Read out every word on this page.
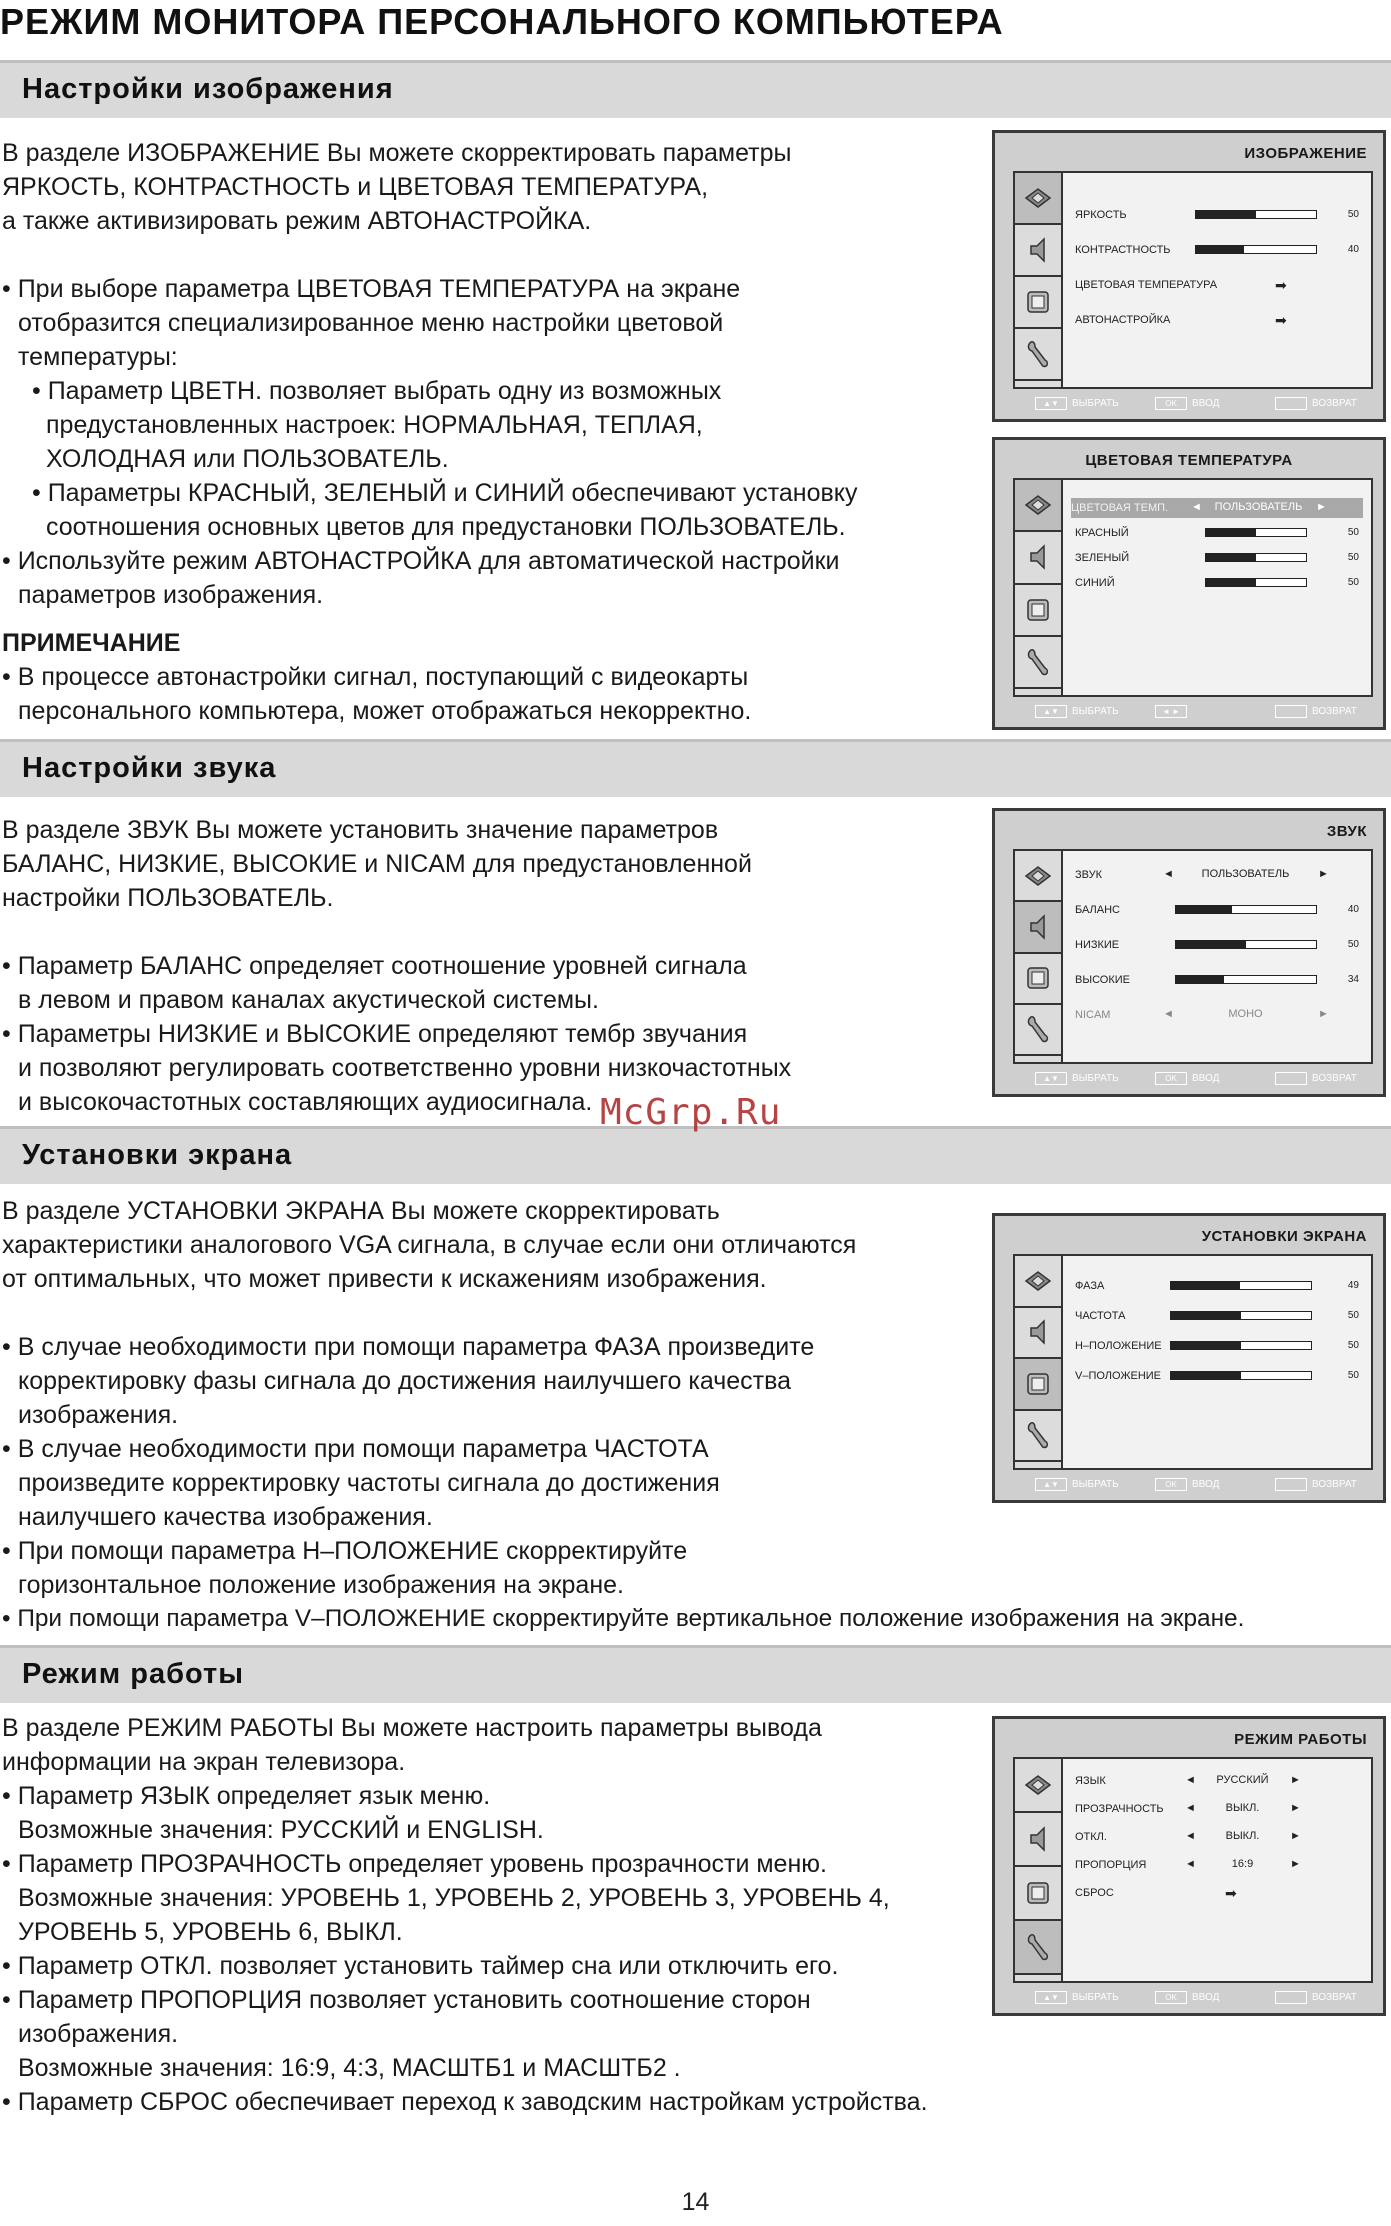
РЕЖИМ МОНИТОРА ПЕРСОНАЛЬНОГО КОМПЬЮТЕРА
Настройки изображения

В разделе ИЗОБРАЖЕНИЕ Вы можете скорректировать параметры

ЯРКОСТЬ, КОНТРАСТНОСТЬ и ЦВЕТОВАЯ ТЕМПЕРАТУРА,

а также активизировать режим АВТОНАСТРОЙКА.

• При выборе параметра ЦВЕТОВАЯ ТЕМПЕРАТУРА на экране

отобразится специализированное меню настройки цветовой

температуры:

• Параметр ЦВЕТН. позволяет выбрать одну из возможных

предустановленных настроек: НОРМАЛЬНАЯ, ТЕПЛАЯ,

ХОЛОДНАЯ или ПОЛЬЗОВАТЕЛЬ.

• Параметры КРАСНЫЙ, ЗЕЛЕНЫЙ и СИНИЙ обеспечивают установку

соотношения основных цветов для предустановки ПОЛЬЗОВАТЕЛЬ.

• Используйте режим АВТОНАСТРОЙКА для автоматической настройки

параметров изображения.

ПРИМЕЧАНИЕ

• В процессе автонастройки сигнал, поступающий с видеокарты

персонального компьютера, может отображаться некорректно.

Настройки звука

В разделе ЗВУК Вы можете установить значение параметров

БАЛАНС, НИЗКИЕ, ВЫСОКИЕ и NICAM для предустановленной

настройки ПОЛЬЗОВАТЕЛЬ.

• Параметр БАЛАНС определяет соотношение уровней сигнала

в левом и правом каналах акустической системы.

• Параметры НИЗКИЕ и ВЫСОКИЕ определяют тембр звучания

и позволяют регулировать соответственно уровни низкочастотных

и высокочастотных составляющих аудиосигнала.

Установки экрана

В разделе УСТАНОВКИ ЭКРАНА Вы можете скорректировать

характеристики аналогового VGA сигнала, в случае если они отличаются

от оптимальных, что может привести к искажениям изображения.

• В случае необходимости при помощи параметра ФАЗА произведите

корректировку фазы сигнала до достижения наилучшего качества

изображения.

• В случае необходимости при помощи параметра ЧАСТОТА

произведите корректировку частоты сигнала до достижения

наилучшего качества изображения.

• При помощи параметра H–ПОЛОЖЕНИЕ скорректируйте

горизонтальное положение изображения на экране.

• При помощи параметра V–ПОЛОЖЕНИЕ скорректируйте вертикальное положение изображения на экране.

Режим работы

В разделе РЕЖИМ РАБОТЫ Вы можете настроить параметры вывода

информации на экран телевизора.

• Параметр ЯЗЫК определяет язык меню.

Возможные значения: РУССКИЙ и ENGLISH.

• Параметр ПРОЗРАЧНОСТЬ определяет уровень прозрачности меню.

Возможные значения: УРОВЕНЬ 1, УРОВЕНЬ 2, УРОВЕНЬ 3, УРОВЕНЬ 4,

УРОВЕНЬ 5, УРОВЕНЬ 6, ВЫКЛ.

• Параметр ОТКЛ. позволяет установить таймер сна или отключить его.

• Параметр ПРОПОРЦИЯ позволяет установить соотношение сторон

изображения.

Возможные значения: 16:9, 4:3, МАСШТБ1 и МАСШТБ2 .

• Параметр СБРОС обеспечивает переход к заводским настройкам устройства.

ИЗОБРАЖЕНИЕ
ЯРКОСТЬ	50
КОНТРАСТНОСТЬ	40
ЦВЕТОВАЯ ТЕМПЕРАТУРА	➡
АВТОНАСТРОЙКА	➡
▲▼	ВЫБРАТЬ	OK	ВВОД	ВОЗВРАТ
ЦВЕТОВАЯ ТЕМПЕРАТУРА
ЦВЕТОВАЯ ТЕМП. ◄	ПОЛЬЗОВАТЕЛЬ	►
КРАСНЫЙ	50
ЗЕЛЕНЫЙ	50
СИНИЙ	50
▲▼	ВЫБРАТЬ	◄ ►	ВОЗВРАТ
ЗВУК
ЗВУК	◄	ПОЛЬЗОВАТЕЛЬ	►
БАЛАНС	40
НИЗКИЕ	50
ВЫСОКИЕ	34
NICAM	◄	МОНО	►
▲▼	ВЫБРАТЬ	OK	ВВОД	ВОЗВРАТ
УСТАНОВКИ ЭКРАНА
ФАЗА	49
ЧАСТОТА	50
H–ПОЛОЖЕНИЕ	50
V–ПОЛОЖЕНИЕ	50
▲▼	ВЫБРАТЬ	OK	ВВОД	ВОЗВРАТ
РЕЖИМ РАБОТЫ
ЯЗЫК	◄	РУССКИЙ	►
ПРОЗРАЧНОСТЬ ◄	ВЫКЛ.	►
ОТКЛ.	◄	ВЫКЛ.	►
ПРОПОРЦИЯ	◄	16:9	►
СБРОС	➡
▲▼	ВЫБРАТЬ	OK	ВВОД	ВОЗВРАТ
McGrp.Ru
14
